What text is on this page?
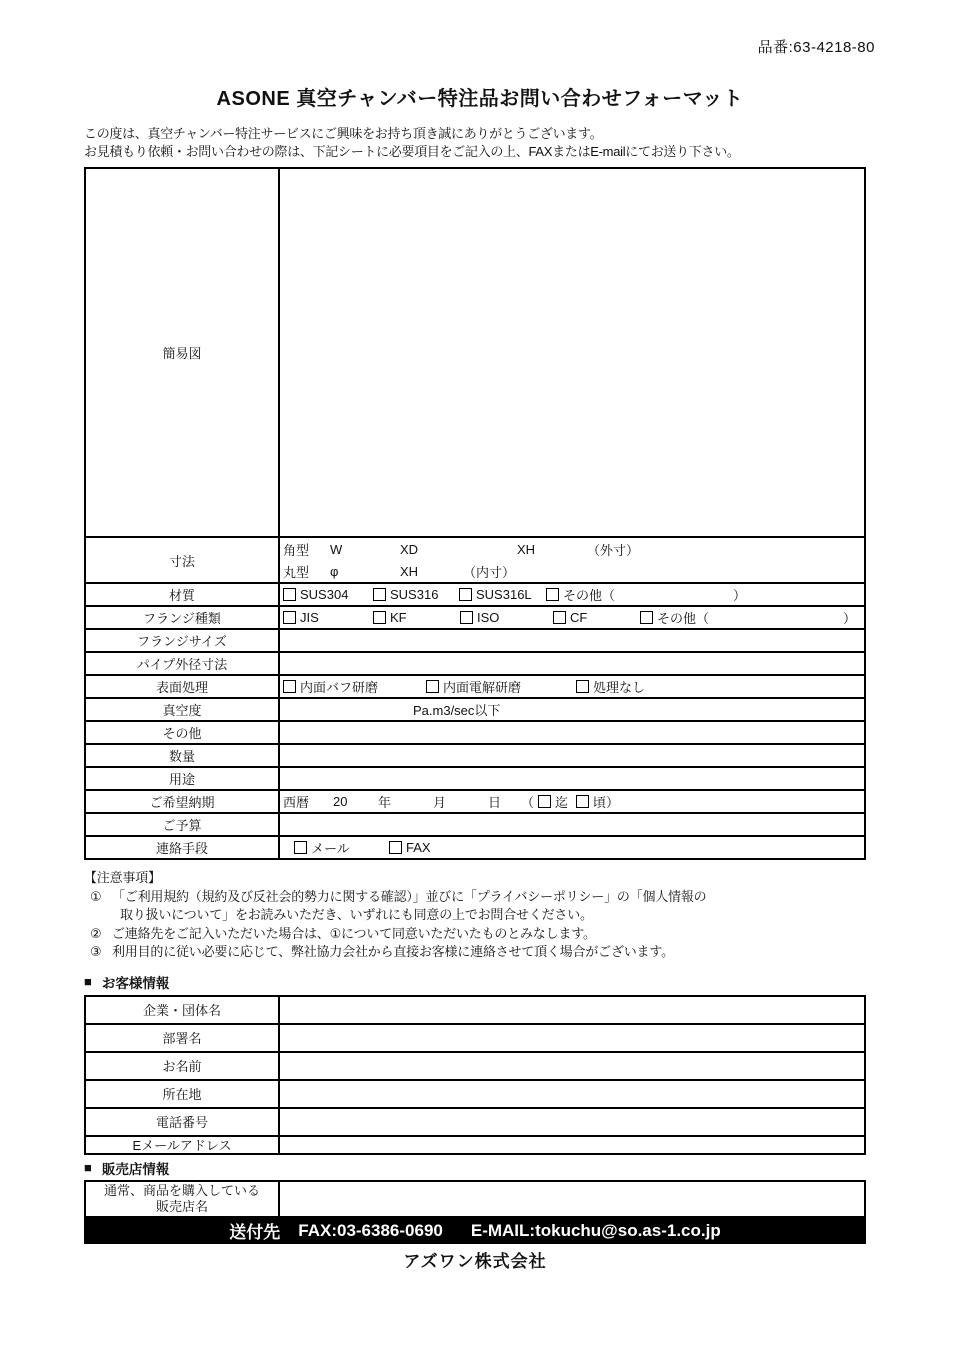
品番:63-4218-80
ASONE 真空チャンバー特注品お問い合わせフォーマット
この度は、真空チャンバー特注サービスにご興味をお持ち頂き誠にありがとうございます。
お見積もり依頼・お問い合わせの際は、下記シートに必要項目をご記入の上、FAXまたはE-mailにてお送り下さい。
簡易図
寸法
角型	W	XD	XH	（外寸）
丸型	φ	XH	（内寸）
材質	SUS304	SUS316	SUS316L その他（	）
フランジ種類	JIS	KF	ISO	CF	その他（	）
フランジサイズ
パイプ外径寸法
表面処理	内面バフ研磨	内面電解研磨	処理なし
真空度	Pa.m3/sec以下
その他
数量
用途
ご希望納期	西暦	20	年	月	日	（ 迄 頃 ）
ご予算
連絡手段	メール	FAX
【注意事項】
① 「ご利用規約（規約及び反社会的勢力に関する確認）」並びに「プライバシーポリシー」の「個人情報の
取り扱いについて」をお読みいただき、いずれにも同意の上でお問合せください。
② ご連絡先をご記入いただいた場合は、①について同意いただいたものとみなします。
③ 利用目的に従い必要に応じて、弊社協力会社から直接お客様に連絡させて頂く場合がございます。
■ お客様情報
企業・団体名
部署名
お名前
所在地
電話番号
Eメールアドレス
■ 販売店情報
通常、商品を購入している
販売店名
送付先 FAX:03-6386-0690 E-MAIL:tokuchu@so.as-1.co.jp
アズワン株式会社
